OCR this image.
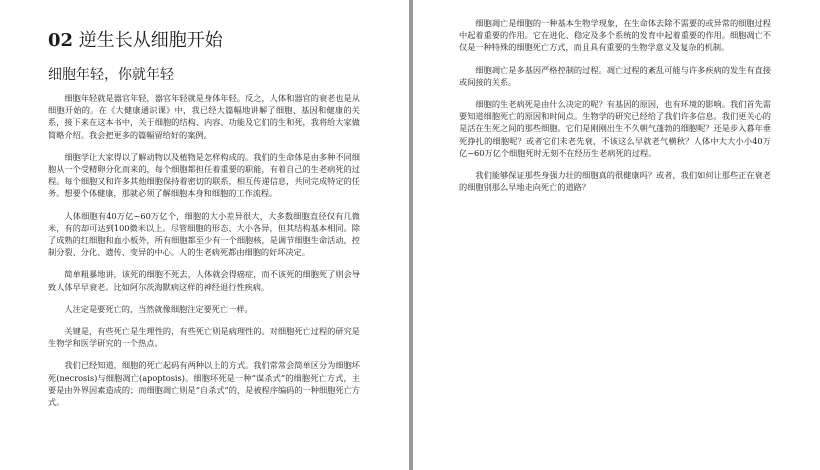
02 逆生长从细胞开始
细胞年轻，你就年轻

细胞年轻就是器官年轻，器官年轻就是身体年轻。反之，人体和器官的衰老也是从细胞开始的。在《大健康通识课》中，我已经大篇幅地讲解了细胞、基因和健康的关系，接下来在这本书中，关于细胞的结构、内容、功能及它们的生和死，我将给大家做简略介绍。我会把更多的篇幅留给好的案例。

细胞学让大家得以了解动物以及植物是怎样构成的。我们的生命体是由多种不同细胞从一个受精卵分化而来的，每个细胞都担任着重要的职能，有着自己的生老病死的过程。每个细胞又和许多其他细胞保持着密切的联系，相互传递信息，共同完成特定的任务。想要个体健康，那就必须了解细胞本身和细胞的工作流程。

人体细胞有40万亿~60万亿个，细胞的大小差异很大，大多数细胞直径仅有几微米，有的却可达到100微米以上。尽管细胞的形态、大小各异，但其结构基本相同。除了成熟的红细胞和血小板外，所有细胞都至少有一个细胞核，是调节细胞生命活动，控制分裂、分化、遗传、变异的中心。人的生老病死都由细胞的好坏决定。

简单粗暴地讲，该死的细胞不死去，人体就会得癌症，而不该死的细胞死了则会导致人体早早衰老。比如阿尔茨海默病这样的神经退行性疾病。

人注定是要死亡的，当然就像细胞注定要死亡一样。

关键是，有些死亡是生理性的，有些死亡则是病理性的。对细胞死亡过程的研究是生物学和医学研究的一个热点。

我们已经知道，细胞的死亡起码有两种以上的方式。我们常常会简单区分为细胞坏死(necrosis)与细胞凋亡(apoptosis)。细胞坏死是一种“谋杀式”的细胞死亡方式，主要是由外界因素造成的；而细胞凋亡则是“自杀式”的，是被程序编码的一种细胞死亡方式。

细胞凋亡是细胞的一种基本生物学现象，在生命体去除不需要的或异常的细胞过程中起着重要的作用。它在进化、稳定及多个系统的发育中起着重要的作用。细胞凋亡不仅是一种特殊的细胞死亡方式，而且具有重要的生物学意义及复杂的机制。

细胞凋亡是多基因严格控制的过程。凋亡过程的紊乱可能与许多疾病的发生有直接或间接的关系。

细胞的生老病死是由什么决定的呢？有基因的原因，也有环境的影响。我们首先需要知道细胞死亡的原因和时间点。生物学的研究已经给了我们许多信息。我们更关心的是活在生死之间的那些细胞。它们是刚刚出生不久朝气蓬勃的细胞呢？还是步入暮年垂死挣扎的细胞呢？或者它们未老先衰，不该这么早就老气横秋？人体中大大小小40万亿~60万亿个细胞死时无刻不在经历生老病死的过程。

我们能够保证那些身强力壮的细胞真的很健康吗？或者，我们如何让那些正在衰老的细胞别那么早地走向死亡的道路？
